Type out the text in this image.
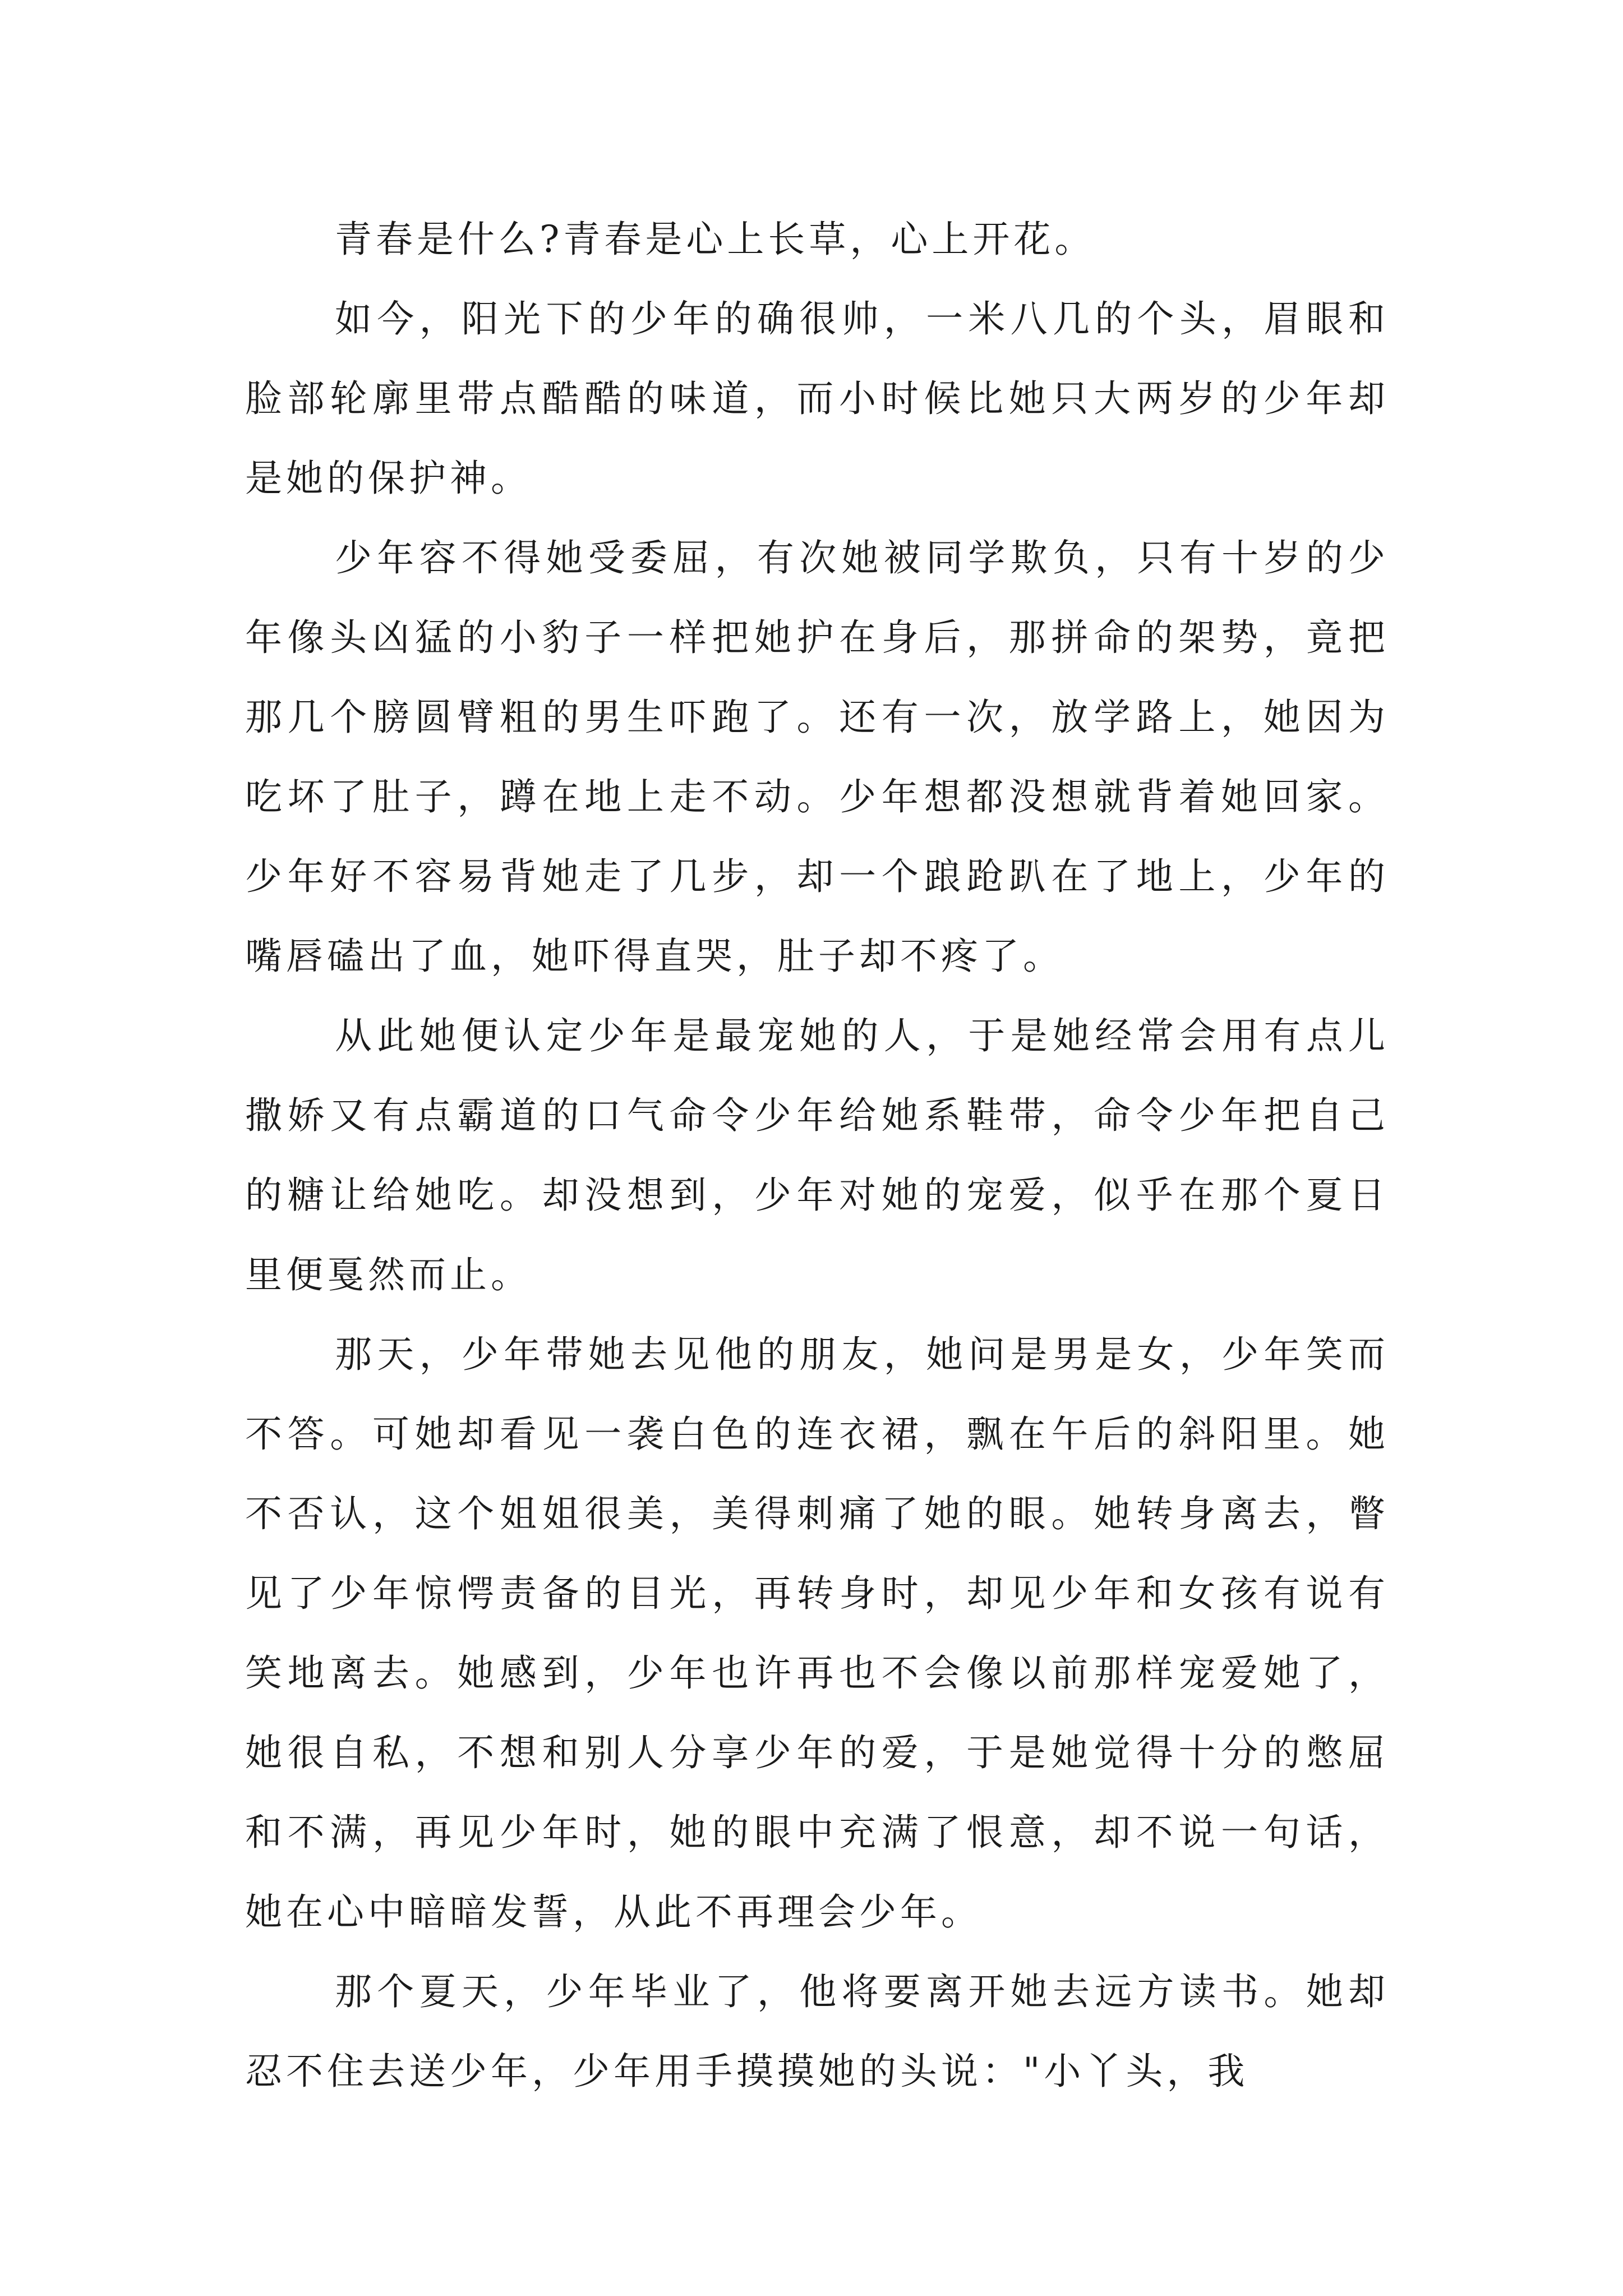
青春是什么?青春是心上长草，心上开花。

如今，阳光下的少年的确很帅，一米八几的个头，眉眼和脸部轮廓里带点酷酷的味道，而小时候比她只大两岁的少年却是她的保护神。

少年容不得她受委屈，有次她被同学欺负，只有十岁的少年像头凶猛的小豹子一样把她护在身后，那拼命的架势，竟把那几个膀圆臂粗的男生吓跑了。还有一次，放学路上，她因为吃坏了肚子，蹲在地上走不动。少年想都没想就背着她回家。少年好不容易背她走了几步，却一个踉跄趴在了地上，少年的嘴唇磕出了血，她吓得直哭，肚子却不疼了。

从此她便认定少年是最宠她的人，于是她经常会用有点儿撒娇又有点霸道的口气命令少年给她系鞋带，命令少年把自己的糖让给她吃。却没想到，少年对她的宠爱，似乎在那个夏日里便戛然而止。

那天，少年带她去见他的朋友，她问是男是女，少年笑而不答。可她却看见一袭白色的连衣裙，飘在午后的斜阳里。她不否认，这个姐姐很美，美得刺痛了她的眼。她转身离去，瞥见了少年惊愕责备的目光，再转身时，却见少年和女孩有说有笑地离去。她感到，少年也许再也不会像以前那样宠爱她了，她很自私，不想和别人分享少年的爱，于是她觉得十分的憋屈和不满，再见少年时，她的眼中充满了恨意，却不说一句话，她在心中暗暗发誓，从此不再理会少年。

那个夏天，少年毕业了，他将要离开她去远方读书。她却忍不住去送少年，少年用手摸摸她的头说："小丫头，我
